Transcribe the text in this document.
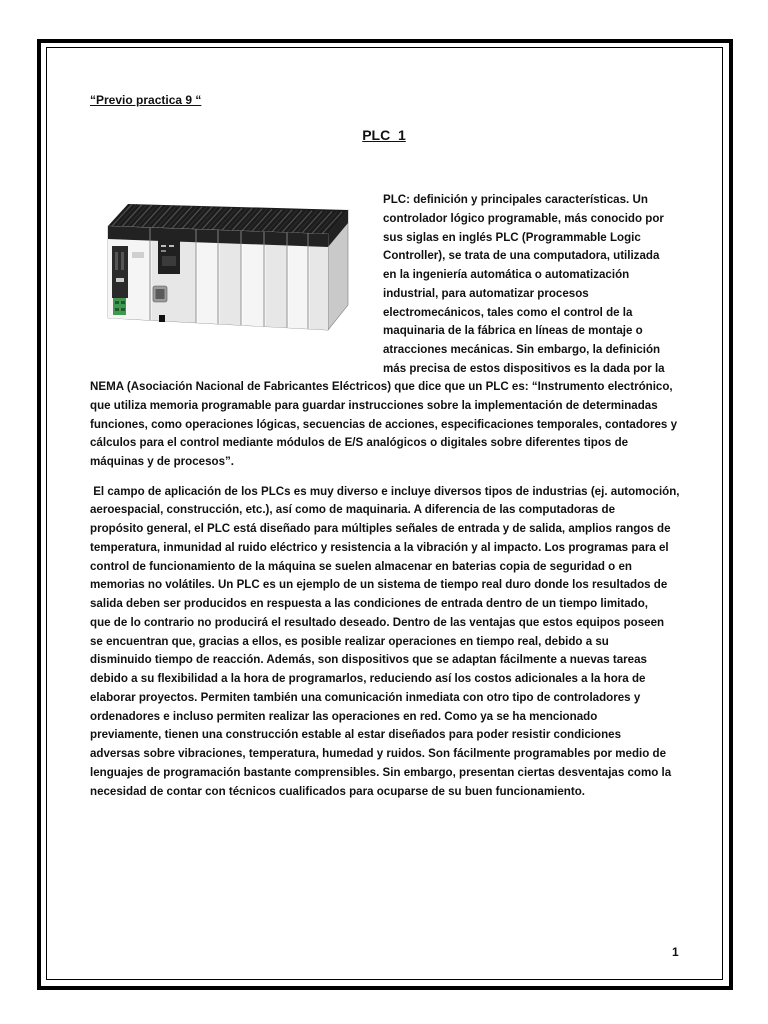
“Previo practica 9 “
PLC  1
PLC: definición y principales características. Un
controlador lógico programable, más conocido por
sus siglas en inglés PLC (Programmable Logic
Controller), se trata de una computadora, utilizada
en la ingeniería automática o automatización
industrial, para automatizar procesos
electromecánicos, tales como el control de la
maquinaria de la fábrica en líneas de montaje o
atracciones mecánicas. Sin embargo, la definición
más precisa de estos dispositivos es la dada por la
NEMA (Asociación Nacional de Fabricantes Eléctricos) que dice que un PLC es: “Instrumento electrónico,
que utiliza memoria programable para guardar instrucciones sobre la implementación de determinadas
funciones, como operaciones lógicas, secuencias de acciones, especificaciones temporales, contadores y
cálculos para el control mediante módulos de E/S analógicos o digitales sobre diferentes tipos de
máquinas y de procesos”.
El campo de aplicación de los PLCs es muy diverso e incluye diversos tipos de industrias (ej. automoción,
aeroespacial, construcción, etc.), así como de maquinaria. A diferencia de las computadoras de
propósito general, el PLC está diseñado para múltiples señales de entrada y de salida, amplios rangos de
temperatura, inmunidad al ruido eléctrico y resistencia a la vibración y al impacto. Los programas para el
control de funcionamiento de la máquina se suelen almacenar en baterias copia de seguridad o en
memorias no volátiles. Un PLC es un ejemplo de un sistema de tiempo real duro donde los resultados de
salida deben ser producidos en respuesta a las condiciones de entrada dentro de un tiempo limitado,
que de lo contrario no producirá el resultado deseado. Dentro de las ventajas que estos equipos poseen
se encuentran que, gracias a ellos, es posible realizar operaciones en tiempo real, debido a su
disminuido tiempo de reacción. Además, son dispositivos que se adaptan fácilmente a nuevas tareas
debido a su flexibilidad a la hora de programarlos, reduciendo así los costos adicionales a la hora de
elaborar proyectos. Permiten también una comunicación inmediata con otro tipo de controladores y
ordenadores e incluso permiten realizar las operaciones en red. Como ya se ha mencionado
previamente, tienen una construcción estable al estar diseñados para poder resistir condiciones
adversas sobre vibraciones, temperatura, humedad y ruidos. Son fácilmente programables por medio de
lenguajes de programación bastante comprensibles. Sin embargo, presentan ciertas desventajas como la
necesidad de contar con técnicos cualificados para ocuparse de su buen funcionamiento.
1
